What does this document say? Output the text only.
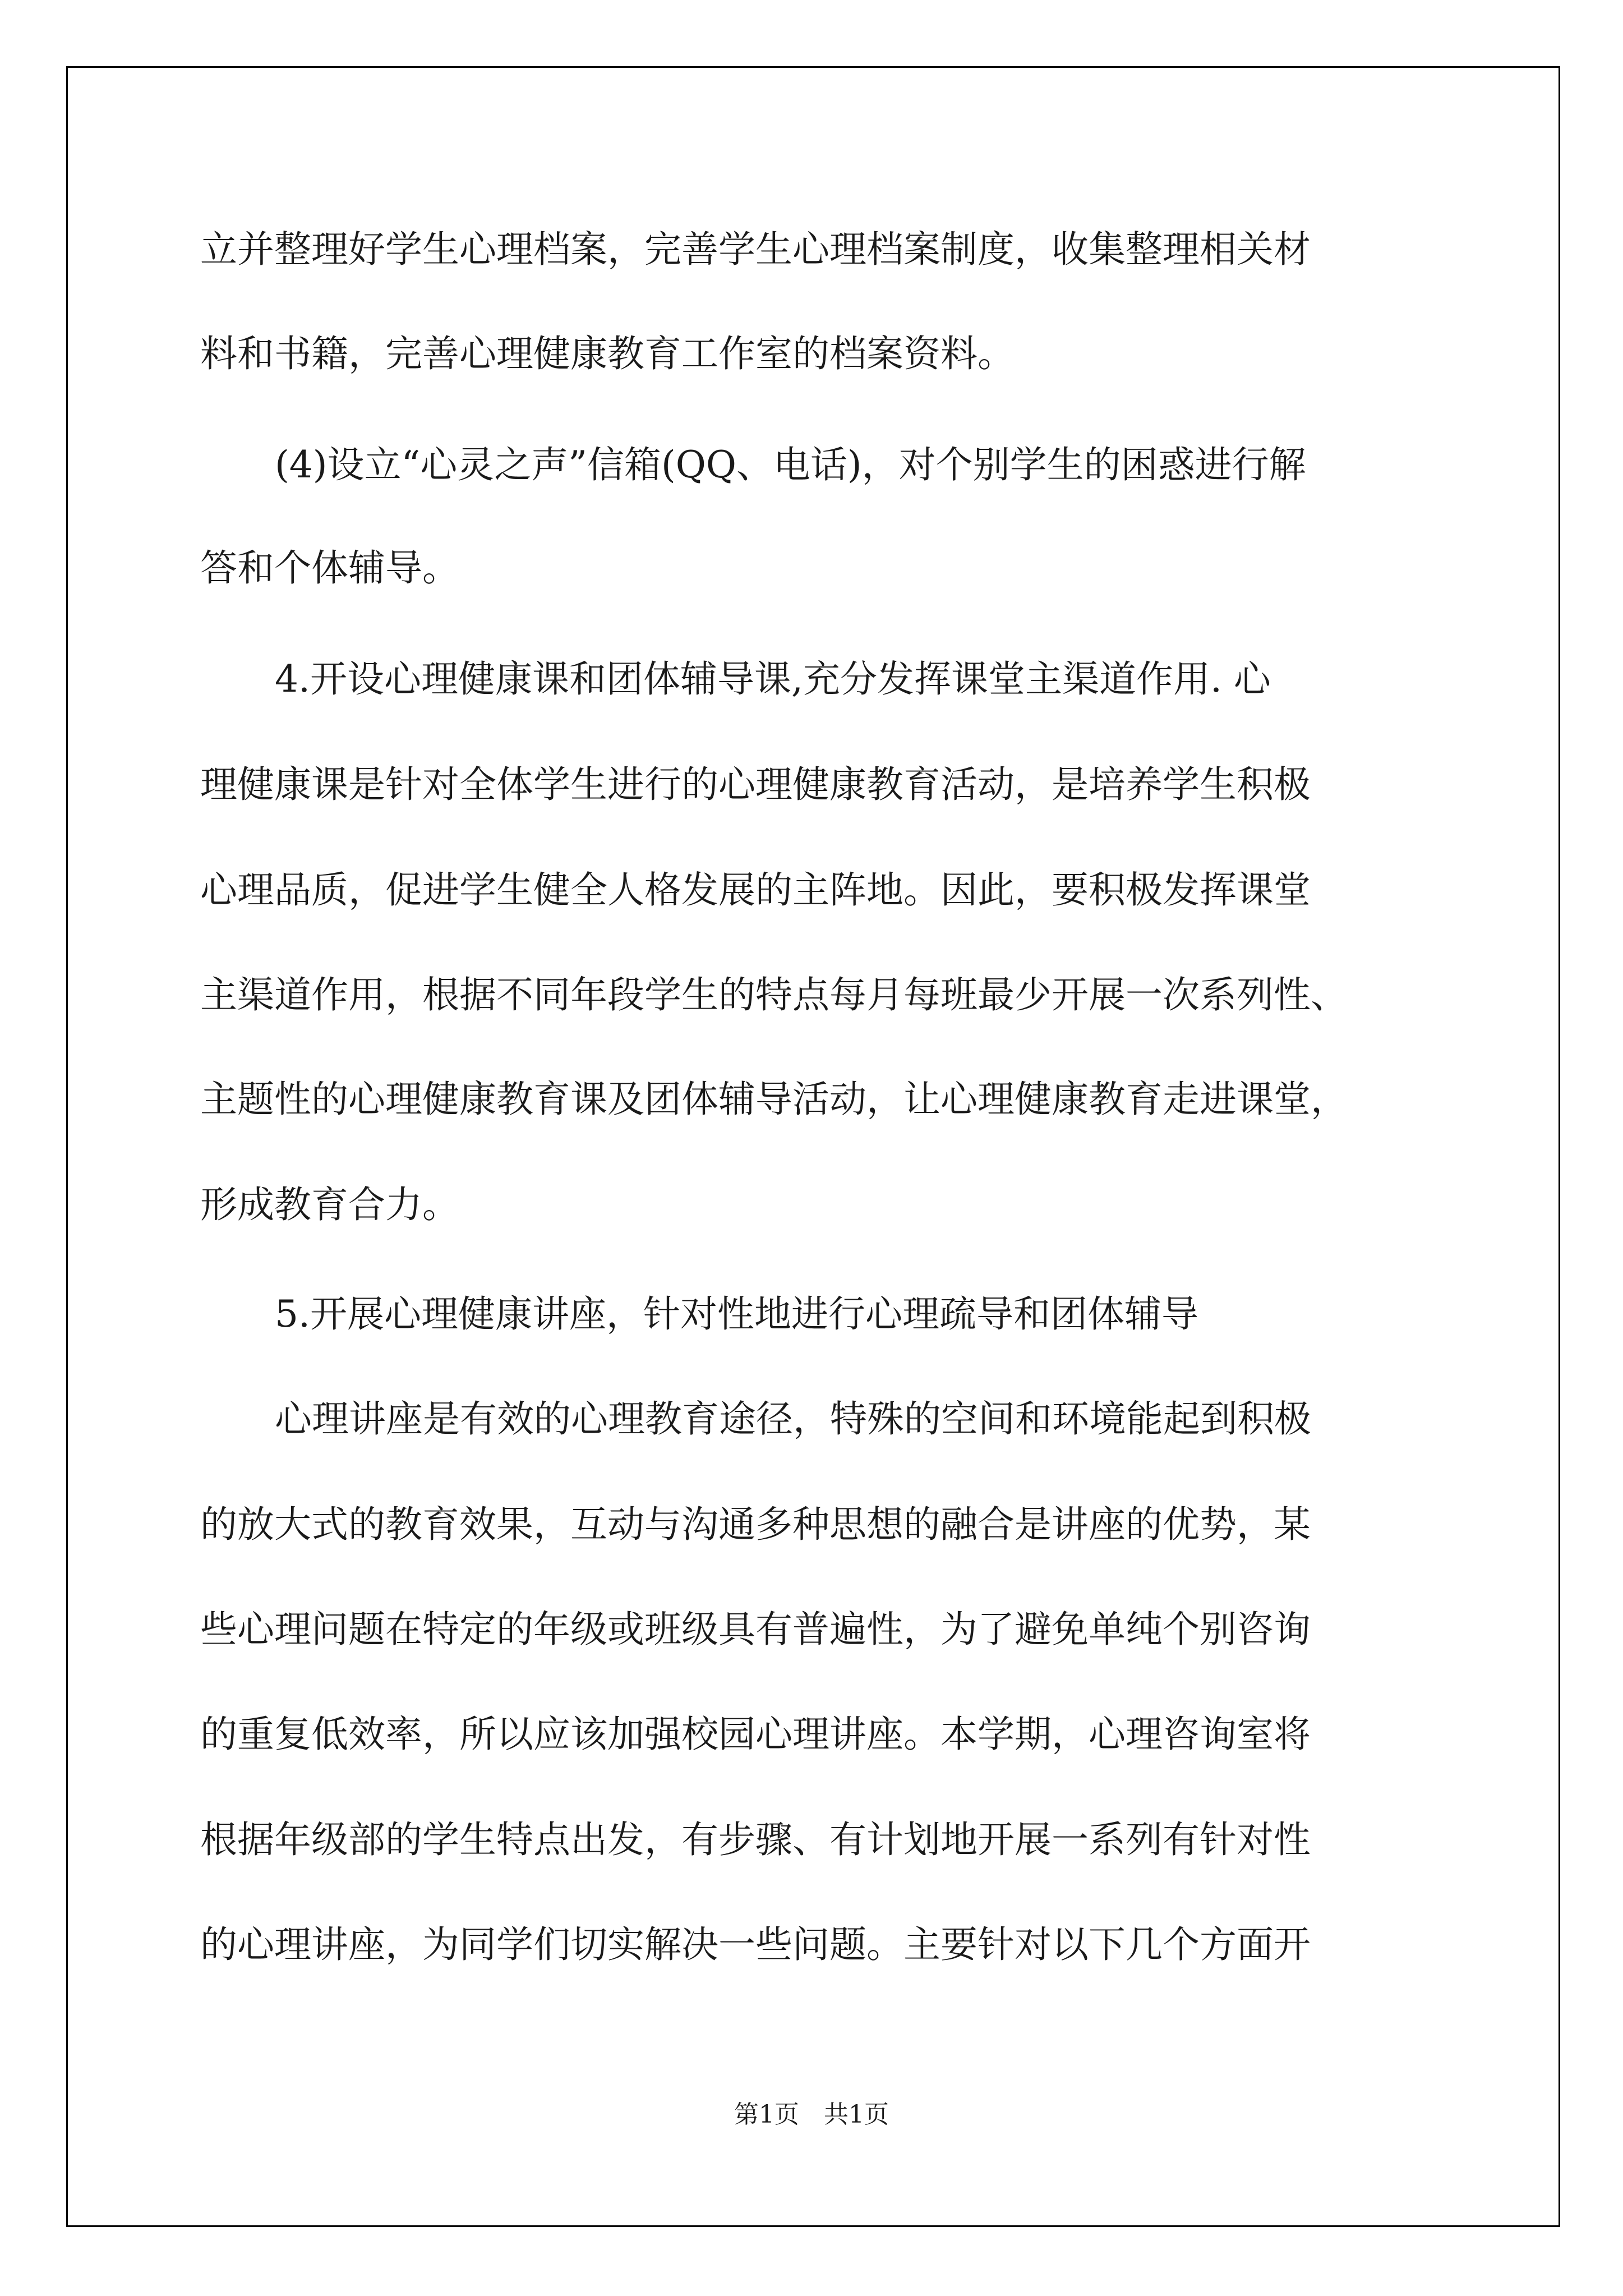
立并整理好学生心理档案，完善学生心理档案制度，收集整理相关材
料和书籍，完善心理健康教育工作室的档案资料。
(4)设立“心灵之声”信箱(QQ、电话)，对个别学生的困惑进行解
答和个体辅导。
4.开设心理健康课和团体辅导课,充分发挥课堂主渠道作用. 心
理健康课是针对全体学生进行的心理健康教育活动，是培养学生积极
心理品质，促进学生健全人格发展的主阵地。因此，要积极发挥课堂
主渠道作用，根据不同年段学生的特点每月每班最少开展一次系列性、
主题性的心理健康教育课及团体辅导活动，让心理健康教育走进课堂，
形成教育合力。
5.开展心理健康讲座，针对性地进行心理疏导和团体辅导
心理讲座是有效的心理教育途径，特殊的空间和环境能起到积极
的放大式的教育效果，互动与沟通多种思想的融合是讲座的优势，某
些心理问题在特定的年级或班级具有普遍性，为了避免单纯个别咨询
的重复低效率，所以应该加强校园心理讲座。本学期，心理咨询室将
根据年级部的学生特点出发，有步骤、有计划地开展一系列有针对性
的心理讲座，为同学们切实解决一些问题。主要针对以下几个方面开
第1页　共1页
